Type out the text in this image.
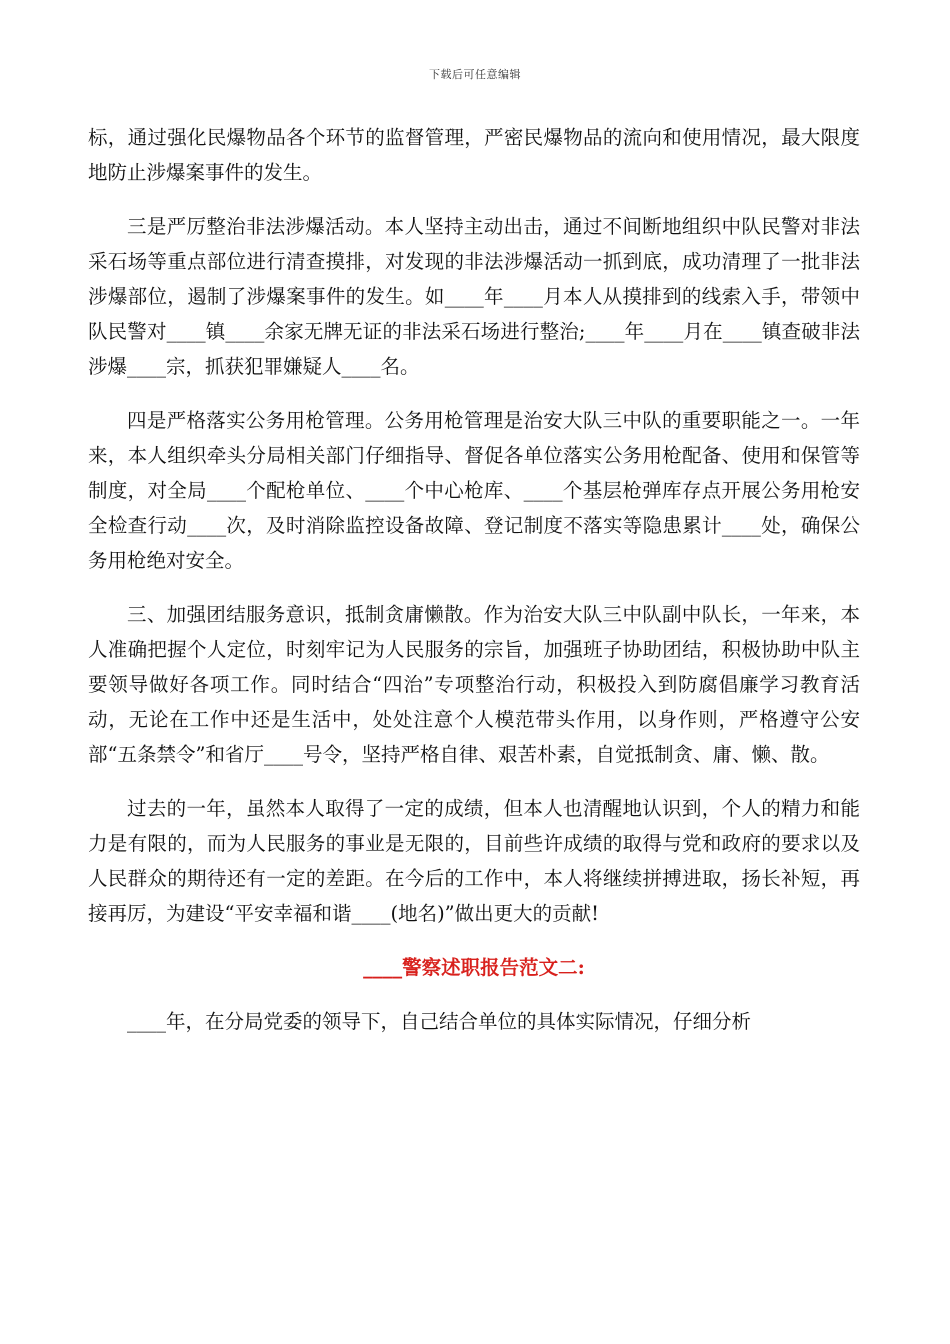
下载后可任意编辑

标，通过强化民爆物品各个环节的监督管理，严密民爆物品的流向和使用情况，最大限度地防止涉爆案事件的发生。

三是严厉整治非法涉爆活动。本人坚持主动出击，通过不间断地组织中队民警对非法采石场等重点部位进行清查摸排，对发现的非法涉爆活动一抓到底，成功清理了一批非法涉爆部位，遏制了涉爆案事件的发生。如____年____月本人从摸排到的线索入手，带领中队民警对____镇____余家无牌无证的非法采石场进行整治;____年____月在____镇查破非法涉爆____宗，抓获犯罪嫌疑人____名。

四是严格落实公务用枪管理。公务用枪管理是治安大队三中队的重要职能之一。一年来，本人组织牵头分局相关部门仔细指导、督促各单位落实公务用枪配备、使用和保管等制度，对全局____个配枪单位、____个中心枪库、____个基层枪弹库存点开展公务用枪安全检查行动____次，及时消除监控设备故障、登记制度不落实等隐患累计____处，确保公务用枪绝对安全。

三、加强团结服务意识，抵制贪庸懒散。作为治安大队三中队副中队长，一年来，本人准确把握个人定位，时刻牢记为人民服务的宗旨，加强班子协助团结，积极协助中队主要领导做好各项工作。同时结合“四治”专项整治行动，积极投入到防腐倡廉学习教育活动，无论在工作中还是生活中，处处注意个人模范带头作用，以身作则，严格遵守公安部“五条禁令”和省厅____号令，坚持严格自律、艰苦朴素，自觉抵制贪、庸、懒、散。

过去的一年，虽然本人取得了一定的成绩，但本人也清醒地认识到，个人的精力和能力是有限的，而为人民服务的事业是无限的，目前些许成绩的取得与党和政府的要求以及人民群众的期待还有一定的差距。在今后的工作中，本人将继续拼搏进取，扬长补短，再接再厉，为建设“平安幸福和谐____(地名)”做出更大的贡献!

____警察述职报告范文二:

____年，在分局党委的领导下，自己结合单位的具体实际情况，仔细分析
